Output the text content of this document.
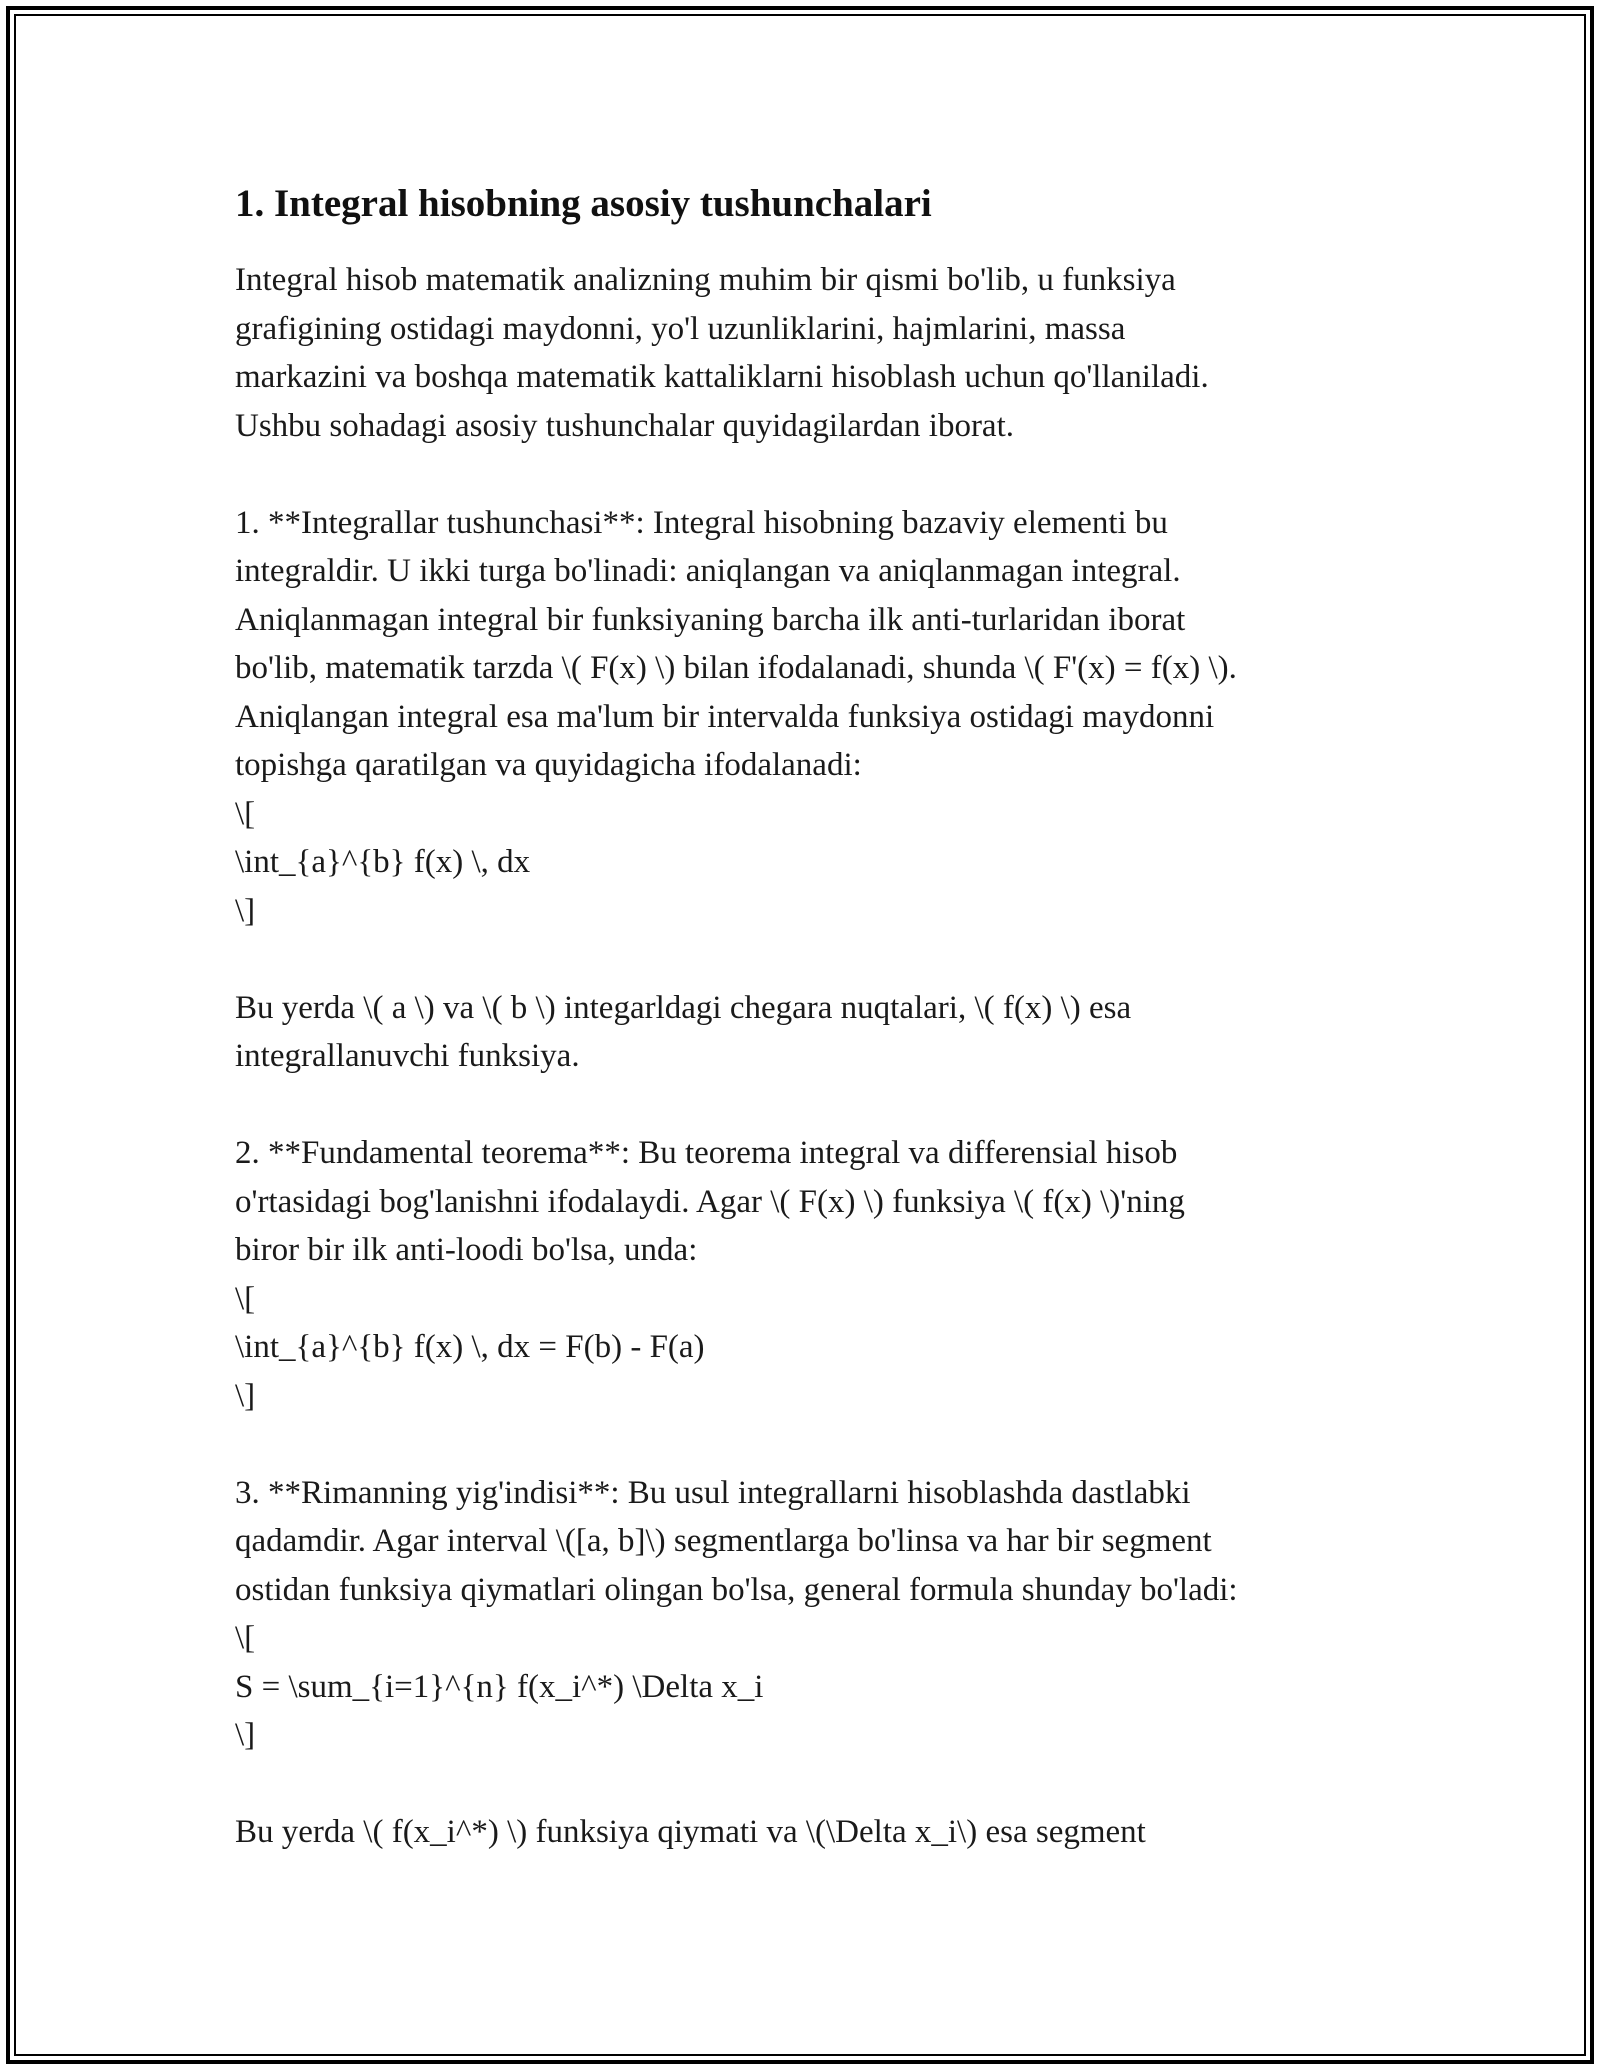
1. Integral hisobning asosiy tushunchalari

Integral hisob matematik analizning muhim bir qismi bo'lib, u funksiya

grafigining ostidagi maydonni, yo'l uzunliklarini, hajmlarini, massa

markazini va boshqa matematik kattaliklarni hisoblash uchun qo'llaniladi.

Ushbu sohadagi asosiy tushunchalar quyidagilardan iborat.

1. **Integrallar tushunchasi**: Integral hisobning bazaviy elementi bu

integraldir. U ikki turga bo'linadi: aniqlangan va aniqlanmagan integral.

Aniqlanmagan integral bir funksiyaning barcha ilk anti-turlaridan iborat

bo'lib, matematik tarzda \( F(x) \) bilan ifodalanadi, shunda \( F'(x) = f(x) \).

Aniqlangan integral esa ma'lum bir intervalda funksiya ostidagi maydonni

topishga qaratilgan va quyidagicha ifodalanadi:

\[

\int_{a}^{b} f(x) \, dx

\]

Bu yerda \( a \) va \( b \) integarldagi chegara nuqtalari, \( f(x) \) esa

integrallanuvchi funksiya.

2. **Fundamental teorema**: Bu teorema integral va differensial hisob

o'rtasidagi bog'lanishni ifodalaydi. Agar \( F(x) \) funksiya \( f(x) \)'ning

biror bir ilk anti-loodi bo'lsa, unda:

\[

\int_{a}^{b} f(x) \, dx = F(b) - F(a)

\]

3. **Rimanning yig'indisi**: Bu usul integrallarni hisoblashda dastlabki

qadamdir. Agar interval \([a, b]\) segmentlarga bo'linsa va har bir segment

ostidan funksiya qiymatlari olingan bo'lsa, general formula shunday bo'ladi:

\[

S = \sum_{i=1}^{n} f(x_i^*) \Delta x_i

\]

Bu yerda \( f(x_i^*) \) funksiya qiymati va \(\Delta x_i\) esa segment
